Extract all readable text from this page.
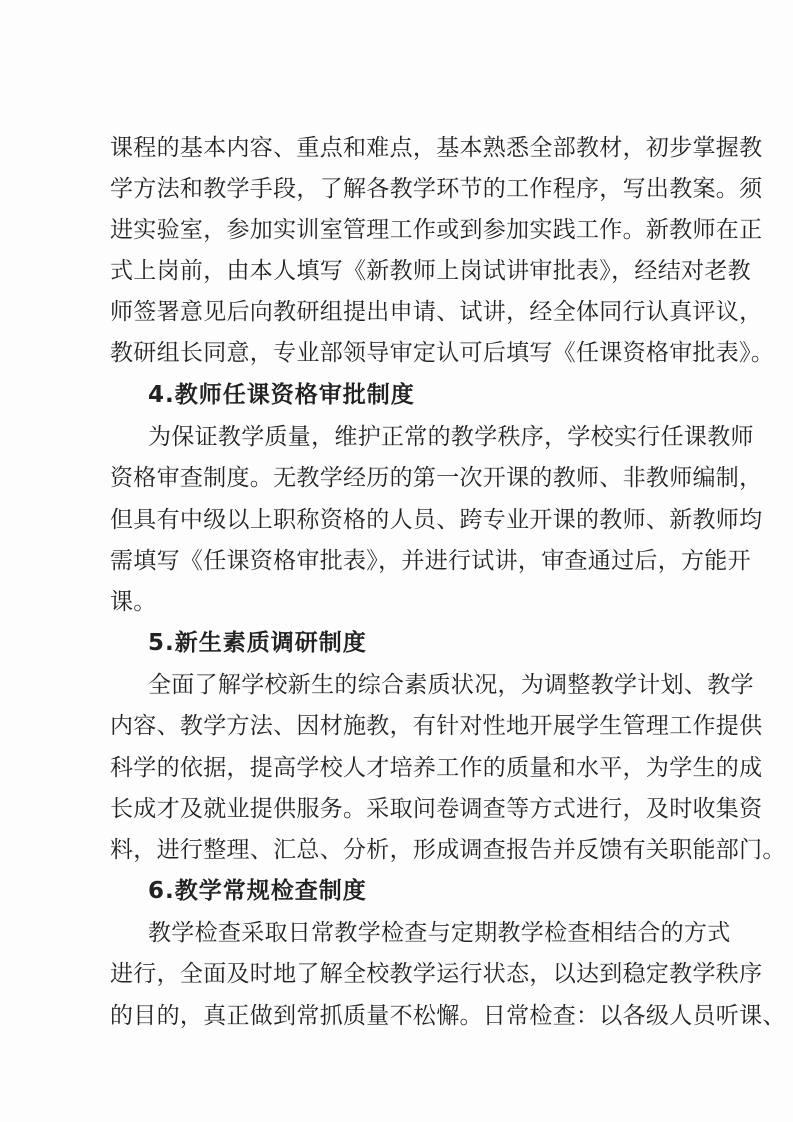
课程的基本内容、重点和难点，基本熟悉全部教材，初步掌握教
学方法和教学手段，了解各教学环节的工作程序，写出教案。须
进实验室，参加实训室管理工作或到参加实践工作。新教师在正
式上岗前，由本人填写《新教师上岗试讲审批表》，经结对老教
师签署意见后向教研组提出申请、试讲，经全体同行认真评议，
教研组长同意，专业部领导审定认可后填写《任课资格审批表》。
4.教师任课资格审批制度
为保证教学质量，维护正常的教学秩序，学校实行任课教师
资格审查制度。无教学经历的第一次开课的教师、非教师编制，
但具有中级以上职称资格的人员、跨专业开课的教师、新教师均
需填写《任课资格审批表》，并进行试讲，审查通过后，方能开
课。
5.新生素质调研制度
全面了解学校新生的综合素质状况，为调整教学计划、教学
内容、教学方法、因材施教，有针对性地开展学生管理工作提供
科学的依据，提高学校人才培养工作的质量和水平，为学生的成
长成才及就业提供服务。采取问卷调查等方式进行，及时收集资
料，进行整理、汇总、分析，形成调查报告并反馈有关职能部门。
6.教学常规检查制度
教学检查采取日常教学检查与定期教学检查相结合的方式
进行，全面及时地了解全校教学运行状态，以达到稳定教学秩序
的目的，真正做到常抓质量不松懈。日常检查：以各级人员听课、
